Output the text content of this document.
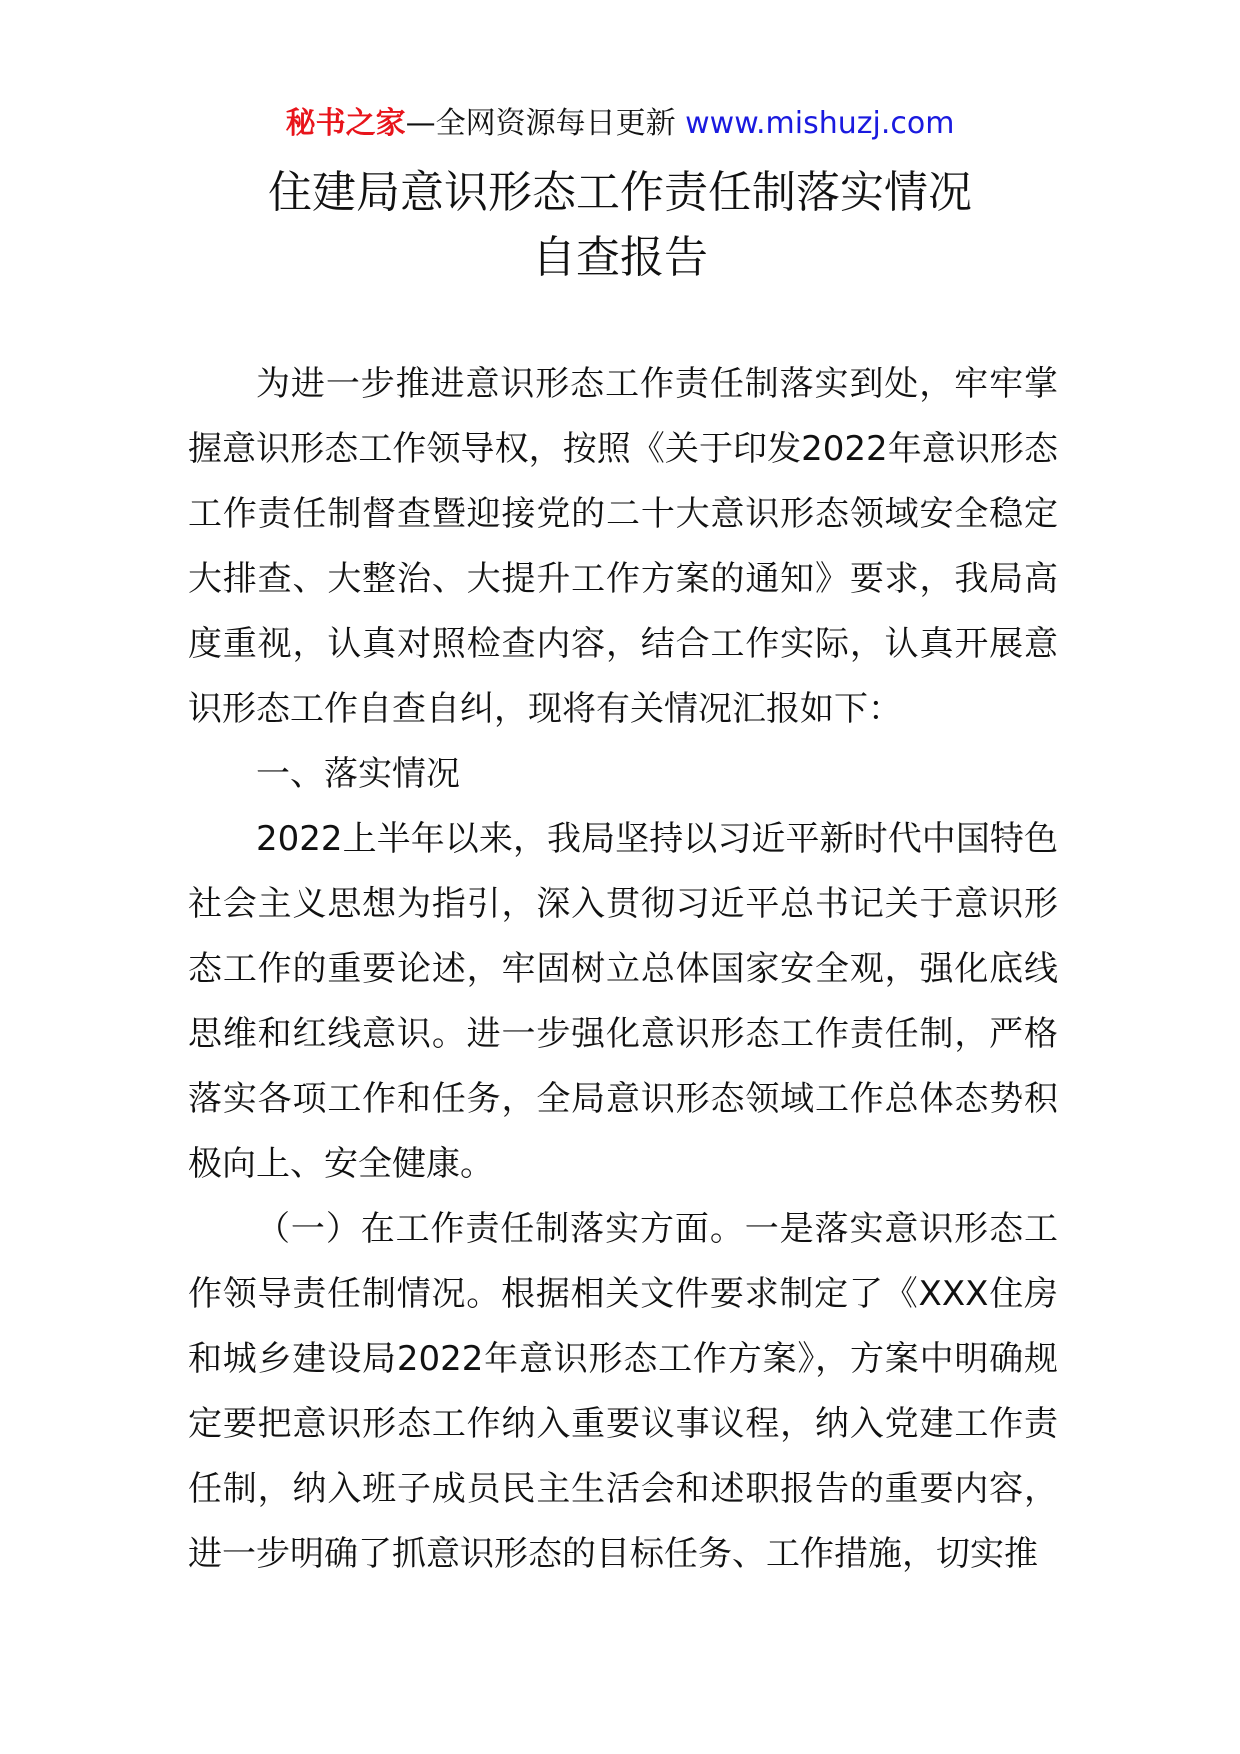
秘书之家—全网资源每日更新 www.mishuzj.com
住建局意识形态工作责任制落实情况
自查报告

为进一步推进意识形态工作责任制落实到处，牢牢掌握意识形态工作领导权，按照《关于印发2022年意识形态工作责任制督查暨迎接党的二十大意识形态领域安全稳定大排查、大整治、大提升工作方案的通知》要求，我局高度重视，认真对照检查内容，结合工作实际，认真开展意识形态工作自查自纠，现将有关情况汇报如下：

一、落实情况

2022上半年以来，我局坚持以习近平新时代中国特色社会主义思想为指引，深入贯彻习近平总书记关于意识形态工作的重要论述，牢固树立总体国家安全观，强化底线思维和红线意识。进一步强化意识形态工作责任制，严格落实各项工作和任务，全局意识形态领域工作总体态势积极向上、安全健康。

（一）在工作责任制落实方面。一是落实意识形态工作领导责任制情况。根据相关文件要求制定了《XXX住房和城乡建设局2022年意识形态工作方案》，方案中明确规定要把意识形态工作纳入重要议事议程，纳入党建工作责任制，纳入班子成员民主生活会和述职报告的重要内容，进一步明确了抓意识形态的目标任务、工作措施，切实推
